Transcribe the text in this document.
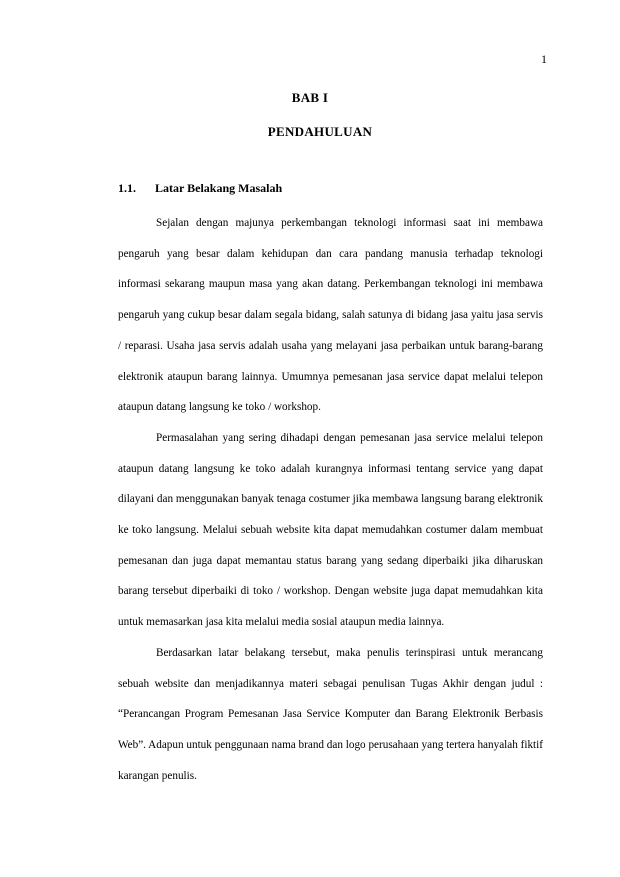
1
BAB I
PENDAHULUAN
1.1. Latar Belakang Masalah

Sejalan dengan majunya perkembangan teknologi informasi saat ini membawa pengaruh yang besar dalam kehidupan dan cara pandang manusia terhadap teknologi informasi sekarang maupun masa yang akan datang. Perkembangan teknologi ini membawa pengaruh yang cukup besar dalam segala bidang, salah satunya di bidang jasa yaitu jasa servis / reparasi. Usaha jasa servis adalah usaha yang melayani jasa perbaikan untuk barang-barang elektronik ataupun barang lainnya. Umumnya pemesanan jasa service dapat melalui telepon ataupun datang langsung ke toko / workshop.

Permasalahan yang sering dihadapi dengan pemesanan jasa service melalui telepon ataupun datang langsung ke toko adalah kurangnya informasi tentang service yang dapat dilayani dan menggunakan banyak tenaga costumer jika membawa langsung barang elektronik ke toko langsung. Melalui sebuah website kita dapat memudahkan costumer dalam membuat pemesanan dan juga dapat memantau status barang yang sedang diperbaiki jika diharuskan barang tersebut diperbaiki di toko / workshop. Dengan website juga dapat memudahkan kita untuk memasarkan jasa kita melalui media sosial ataupun media lainnya.

Berdasarkan latar belakang tersebut, maka penulis terinspirasi untuk merancang sebuah website dan menjadikannya materi sebagai penulisan Tugas Akhir dengan judul : “Perancangan Program Pemesanan Jasa Service Komputer dan Barang Elektronik Berbasis Web”. Adapun untuk penggunaan nama brand dan logo perusahaan yang tertera hanyalah fiktif karangan penulis.
